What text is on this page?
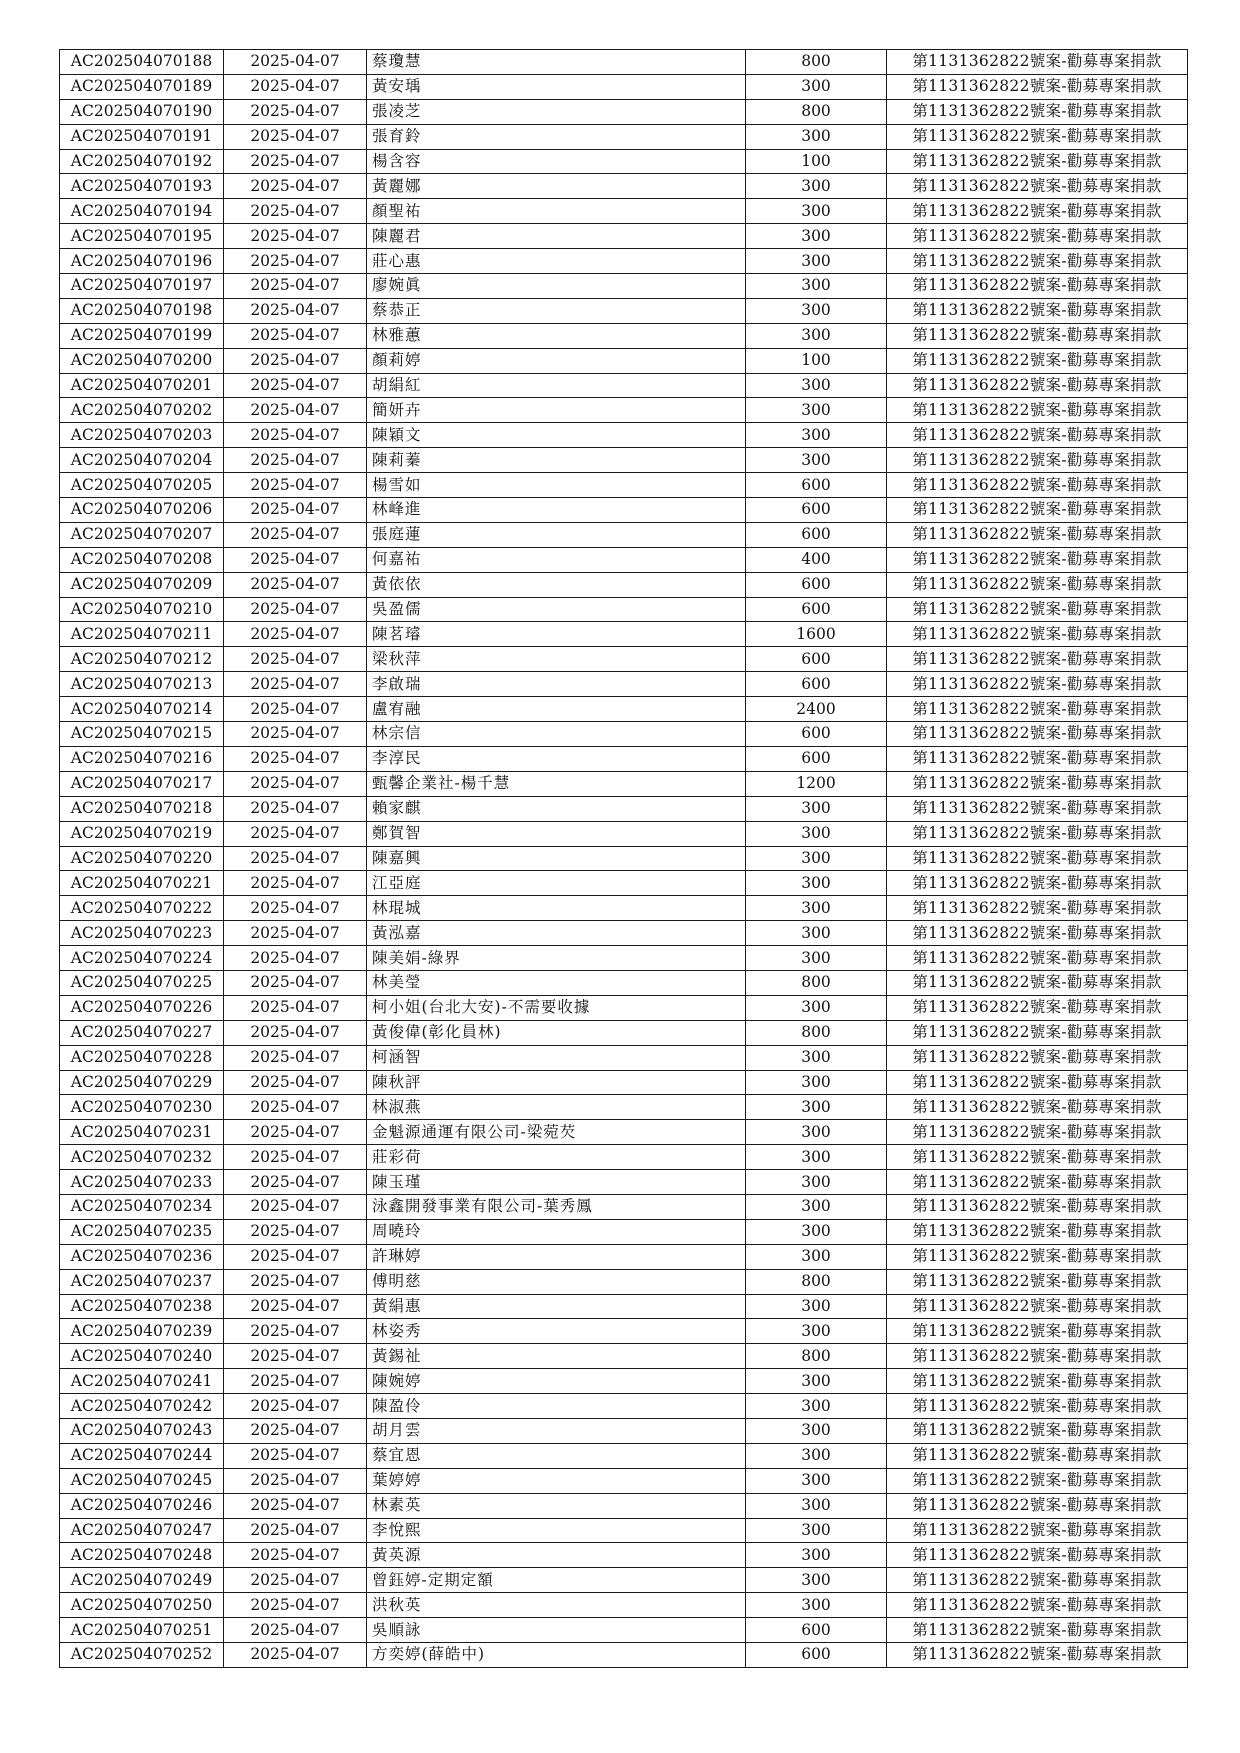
AC202504070188	2025-04-07	蔡瓊慧	800	第1131362822號案-勸募專案捐款
AC202504070189	2025-04-07	黃安瑀	300	第1131362822號案-勸募專案捐款
AC202504070190	2025-04-07	張凌芝	800	第1131362822號案-勸募專案捐款
AC202504070191	2025-04-07	張育鈴	300	第1131362822號案-勸募專案捐款
AC202504070192	2025-04-07	楊含容	100	第1131362822號案-勸募專案捐款
AC202504070193	2025-04-07	黃麗娜	300	第1131362822號案-勸募專案捐款
AC202504070194	2025-04-07	顏聖祐	300	第1131362822號案-勸募專案捐款
AC202504070195	2025-04-07	陳麗君	300	第1131362822號案-勸募專案捐款
AC202504070196	2025-04-07	莊心惠	300	第1131362822號案-勸募專案捐款
AC202504070197	2025-04-07	廖婉眞	300	第1131362822號案-勸募專案捐款
AC202504070198	2025-04-07	蔡恭正	300	第1131362822號案-勸募專案捐款
AC202504070199	2025-04-07	林雅蕙	300	第1131362822號案-勸募專案捐款
AC202504070200	2025-04-07	顏莉婷	100	第1131362822號案-勸募專案捐款
AC202504070201	2025-04-07	胡絹紅	300	第1131362822號案-勸募專案捐款
AC202504070202	2025-04-07	簡妍卉	300	第1131362822號案-勸募專案捐款
AC202504070203	2025-04-07	陳穎文	300	第1131362822號案-勸募專案捐款
AC202504070204	2025-04-07	陳莉蓁	300	第1131362822號案-勸募專案捐款
AC202504070205	2025-04-07	楊雪如	600	第1131362822號案-勸募專案捐款
AC202504070206	2025-04-07	林峰進	600	第1131362822號案-勸募專案捐款
AC202504070207	2025-04-07	張庭蓮	600	第1131362822號案-勸募專案捐款
AC202504070208	2025-04-07	何嘉祐	400	第1131362822號案-勸募專案捐款
AC202504070209	2025-04-07	黃依依	600	第1131362822號案-勸募專案捐款
AC202504070210	2025-04-07	吳盈儒	600	第1131362822號案-勸募專案捐款
AC202504070211	2025-04-07	陳茗璿	1600	第1131362822號案-勸募專案捐款
AC202504070212	2025-04-07	梁秋萍	600	第1131362822號案-勸募專案捐款
AC202504070213	2025-04-07	李啟瑞	600	第1131362822號案-勸募專案捐款
AC202504070214	2025-04-07	盧宥融	2400	第1131362822號案-勸募專案捐款
AC202504070215	2025-04-07	林宗信	600	第1131362822號案-勸募專案捐款
AC202504070216	2025-04-07	李淳民	600	第1131362822號案-勸募專案捐款
AC202504070217	2025-04-07	甄馨企業社-楊千慧	1200	第1131362822號案-勸募專案捐款
AC202504070218	2025-04-07	賴家麒	300	第1131362822號案-勸募專案捐款
AC202504070219	2025-04-07	鄭賀智	300	第1131362822號案-勸募專案捐款
AC202504070220	2025-04-07	陳嘉興	300	第1131362822號案-勸募專案捐款
AC202504070221	2025-04-07	江亞庭	300	第1131362822號案-勸募專案捐款
AC202504070222	2025-04-07	林琨城	300	第1131362822號案-勸募專案捐款
AC202504070223	2025-04-07	黃泓嘉	300	第1131362822號案-勸募專案捐款
AC202504070224	2025-04-07	陳美娟-綠界	300	第1131362822號案-勸募專案捐款
AC202504070225	2025-04-07	林美瑩	800	第1131362822號案-勸募專案捐款
AC202504070226	2025-04-07	柯小姐(台北大安)-不需要收據	300	第1131362822號案-勸募專案捐款
AC202504070227	2025-04-07	黃俊偉(彰化員林)	800	第1131362822號案-勸募專案捐款
AC202504070228	2025-04-07	柯涵智	300	第1131362822號案-勸募專案捐款
AC202504070229	2025-04-07	陳秋評	300	第1131362822號案-勸募專案捐款
AC202504070230	2025-04-07	林淑燕	300	第1131362822號案-勸募專案捐款
AC202504070231	2025-04-07	金魁源通運有限公司-梁菀芡	300	第1131362822號案-勸募專案捐款
AC202504070232	2025-04-07	莊彩荷	300	第1131362822號案-勸募專案捐款
AC202504070233	2025-04-07	陳玉瑾	300	第1131362822號案-勸募專案捐款
AC202504070234	2025-04-07	泳鑫開發事業有限公司-葉秀鳳	300	第1131362822號案-勸募專案捐款
AC202504070235	2025-04-07	周曉玲	300	第1131362822號案-勸募專案捐款
AC202504070236	2025-04-07	許琳婷	300	第1131362822號案-勸募專案捐款
AC202504070237	2025-04-07	傅明慈	800	第1131362822號案-勸募專案捐款
AC202504070238	2025-04-07	黃絹惠	300	第1131362822號案-勸募專案捐款
AC202504070239	2025-04-07	林姿秀	300	第1131362822號案-勸募專案捐款
AC202504070240	2025-04-07	黃錫祉	800	第1131362822號案-勸募專案捐款
AC202504070241	2025-04-07	陳婉婷	300	第1131362822號案-勸募專案捐款
AC202504070242	2025-04-07	陳盈伶	300	第1131362822號案-勸募專案捐款
AC202504070243	2025-04-07	胡月雲	300	第1131362822號案-勸募專案捐款
AC202504070244	2025-04-07	蔡宜恩	300	第1131362822號案-勸募專案捐款
AC202504070245	2025-04-07	葉婷婷	300	第1131362822號案-勸募專案捐款
AC202504070246	2025-04-07	林素英	300	第1131362822號案-勸募專案捐款
AC202504070247	2025-04-07	李悅熙	300	第1131362822號案-勸募專案捐款
AC202504070248	2025-04-07	黃英源	300	第1131362822號案-勸募專案捐款
AC202504070249	2025-04-07	曾鈺婷-定期定額	300	第1131362822號案-勸募專案捐款
AC202504070250	2025-04-07	洪秋英	300	第1131362822號案-勸募專案捐款
AC202504070251	2025-04-07	吳順詠	600	第1131362822號案-勸募專案捐款
AC202504070252	2025-04-07	方奕婷(薛皓中)	600	第1131362822號案-勸募專案捐款
